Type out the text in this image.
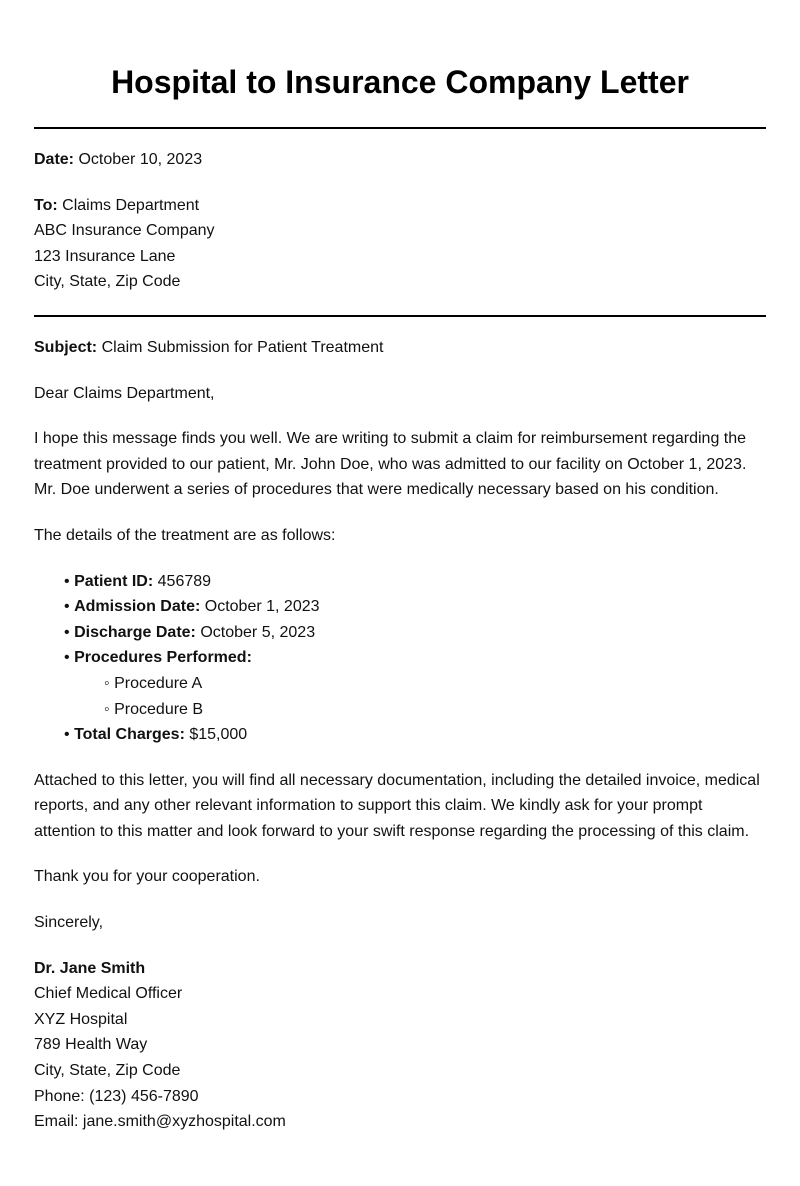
Hospital to Insurance Company Letter
Date: October 10, 2023
To: Claims Department
ABC Insurance Company
123 Insurance Lane
City, State, Zip Code
Subject: Claim Submission for Patient Treatment

Dear Claims Department,

I hope this message finds you well. We are writing to submit a claim for reimbursement regarding the
treatment provided to our patient, Mr. John Doe, who was admitted to our facility on October 1, 2023.
Mr. Doe underwent a series of procedures that were medically necessary based on his condition.

The details of the treatment are as follows:

• Patient ID: 456789
• Admission Date: October 1, 2023
• Discharge Date: October 5, 2023
• Procedures Performed:
◦ Procedure A
◦ Procedure B
• Total Charges: $15,000

Attached to this letter, you will find all necessary documentation, including the detailed invoice, medical
reports, and any other relevant information to support this claim. We kindly ask for your prompt
attention to this matter and look forward to your swift response regarding the processing of this claim.

Thank you for your cooperation.

Sincerely,

Dr. Jane Smith
Chief Medical Officer
XYZ Hospital
789 Health Way
City, State, Zip Code
Phone: (123) 456-7890
Email: jane.smith@xyzhospital.com
